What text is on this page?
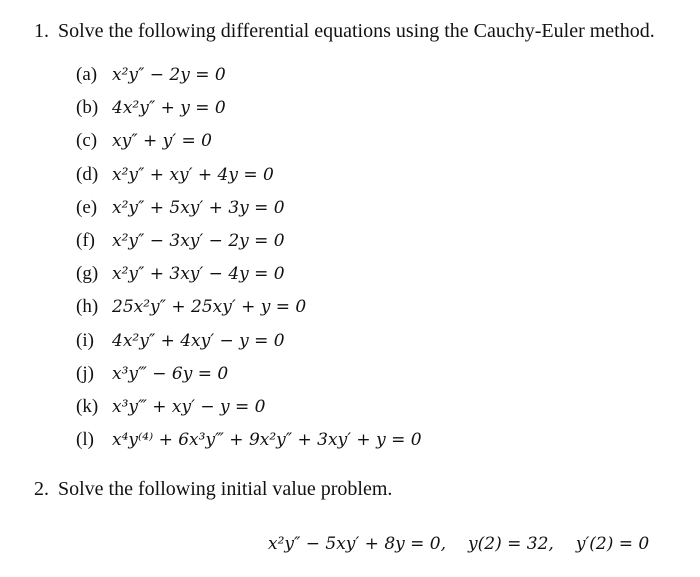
1. Solve the following differential equations using the Cauchy-Euler method.
(a) x²y″ − 2y = 0
(b) 4x²y″ + y = 0
(c) xy″ + y′ = 0
(d) x²y″ + xy′ + 4y = 0
(e) x²y″ + 5xy′ + 3y = 0
(f) x²y″ − 3xy′ − 2y = 0
(g) x²y″ + 3xy′ − 4y = 0
(h) 25x²y″ + 25xy′ + y = 0
(i) 4x²y″ + 4xy′ − y = 0
(j) x³y‴ − 6y = 0
(k) x³y‴ + xy′ − y = 0
(l) x⁴y⁽⁴⁾ + 6x³y‴ + 9x²y″ + 3xy′ + y = 0
2. Solve the following initial value problem.
x²y″ − 5xy′ + 8y = 0, y(2) = 32, y′(2) = 0
